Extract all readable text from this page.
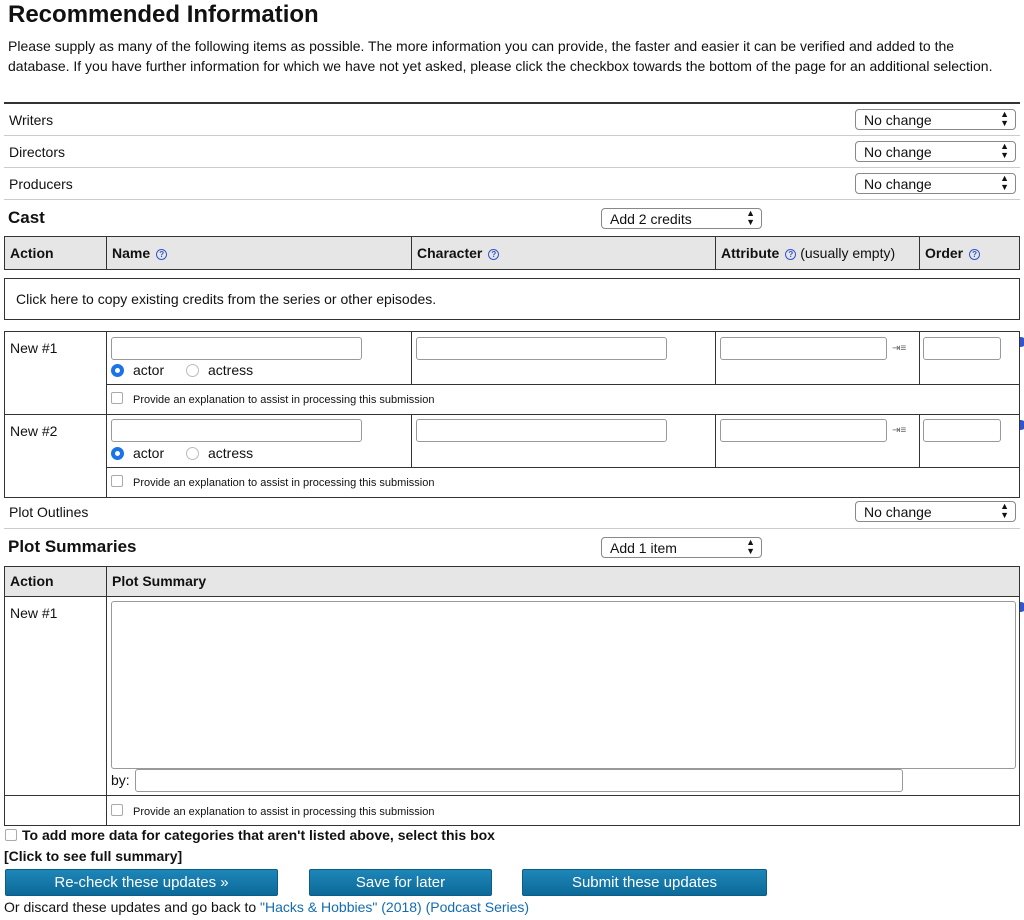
Recommended Information

Please supply as many of the following items as possible. The more information you can provide, the faster and easier it can be verified and added to the database. If you have further information for which we have not yet asked, please click the checkbox towards the bottom of the page for an additional selection.

Writers	No change	▲
▼
Directors	No change	▲
▼
Producers	No change	▲
▼
Cast	Add 2 credits	▲
▼
Action	Name ?	Character ?	Attribute ? (usually empty)	Order ?
Click here to copy existing credits from the series or other episodes.
New #1	⇥≡
actor	actress
Provide an explanation to assist in processing this submission
New #2	⇥≡
actor	actress
Provide an explanation to assist in processing this submission
Plot Outlines	No change	▲
▼
Plot Summaries	Add 1 item	▲
▼
Action	Plot Summary
New #1
by:
Provide an explanation to assist in processing this submission
To add more data for categories that aren't listed above, select this box
[Click to see full summary]
Re-check these updates »	Save for later	Submit these updates
Or discard these updates and go back to "Hacks & Hobbies" (2018) (Podcast Series)
